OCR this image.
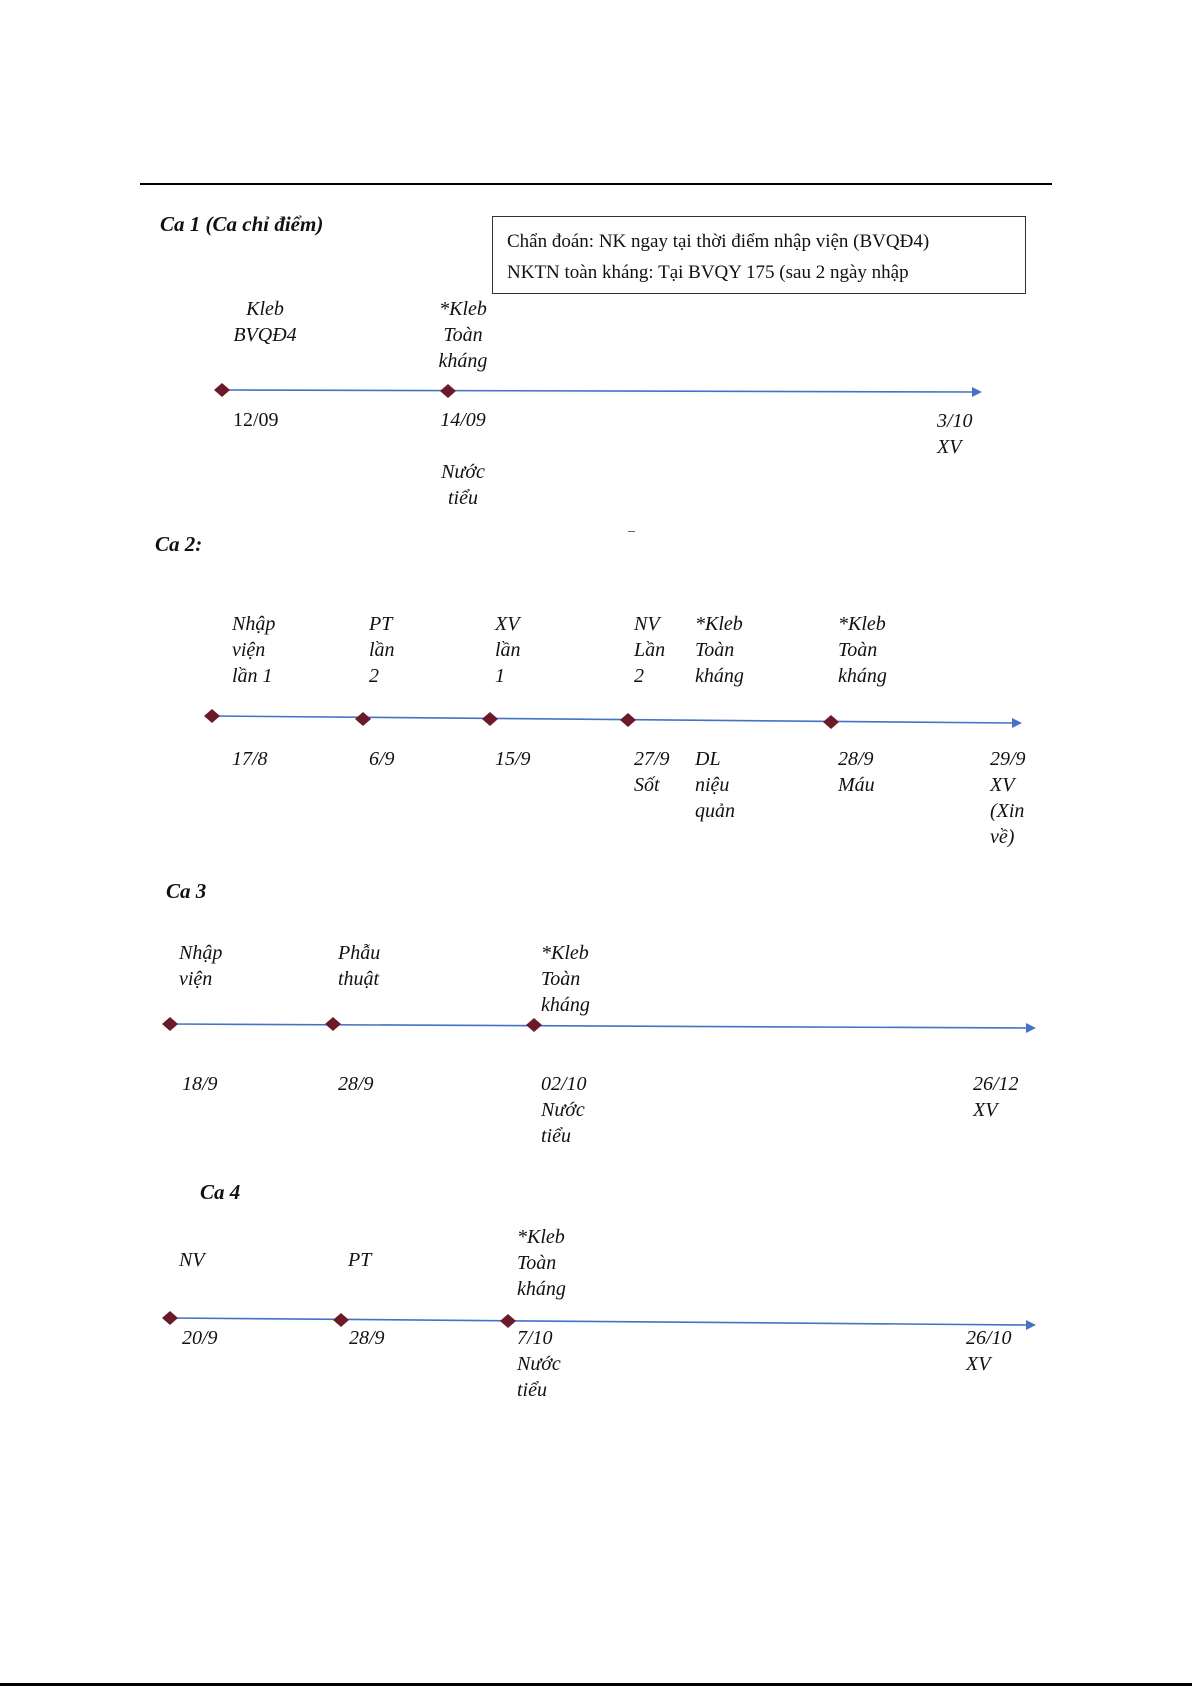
Chẩn đoán: NK ngay tại thời điểm nhập viện (BVQĐ4)
NKTN toàn kháng: Tại BVQY 175 (sau 2 ngày nhập
Ca 1 (Ca chỉ điểm)
Kleb
BVQĐ4
12/09
*Kleb
Toàn
kháng
14/09

Nước
tiểu
3/10
XV
Ca 2:
Nhập
viện
lần 1
17/8
PT
lần
2
6/9
XV
lần
1
15/9
NV
Lần
2
27/9
Sốt
*Kleb
Toàn
kháng
DL
niệu
quản
*Kleb
Toàn
kháng
28/9
Máu
29/9
XV
(Xin
về)
Ca 3
Nhập
viện
18/9
Phẫu
thuật
28/9
*Kleb
Toàn
kháng
02/10
Nước
tiểu
26/12
XV
Ca 4
NV
20/9
PT
28/9
*Kleb
Toàn
kháng
7/10
Nước
tiểu
26/10
XV
